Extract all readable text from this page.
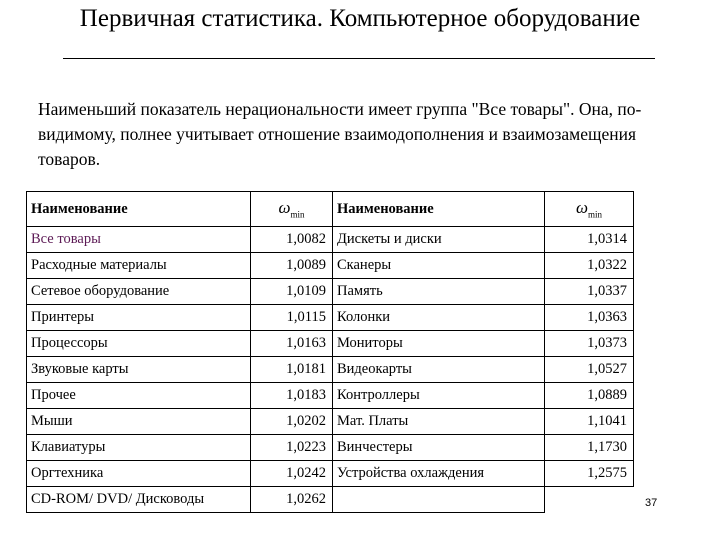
Первичная статистика. Компьютерное оборудование
Наименьший показатель нерациональности имеет группа "Все товары". Она, по-видимому, полнее учитывает отношение взаимодополнения и взаимозамещения товаров.
Наименование	$\omega_{min}$	Наименование	$\omega_{min}$
Все товары	1,0082	Дискеты и диски	1,0314
Расходные материалы	1,0089	Сканеры	1,0322
Сетевое оборудование	1,0109	Память	1,0337
Принтеры	1,0115	Колонки	1,0363
Процессоры	1,0163	Мониторы	1,0373
Звуковые карты	1,0181	Видеокарты	1,0527
Прочее	1,0183	Контроллеры	1,0889
Мыши	1,0202	Мат. Платы	1,1041
Клавиатуры	1,0223	Винчестеры	1,1730
Оргтехника	1,0242	Устройства охлаждения	1,2575
CD-ROM/ DVD/ Дисководы	1,0262			37
